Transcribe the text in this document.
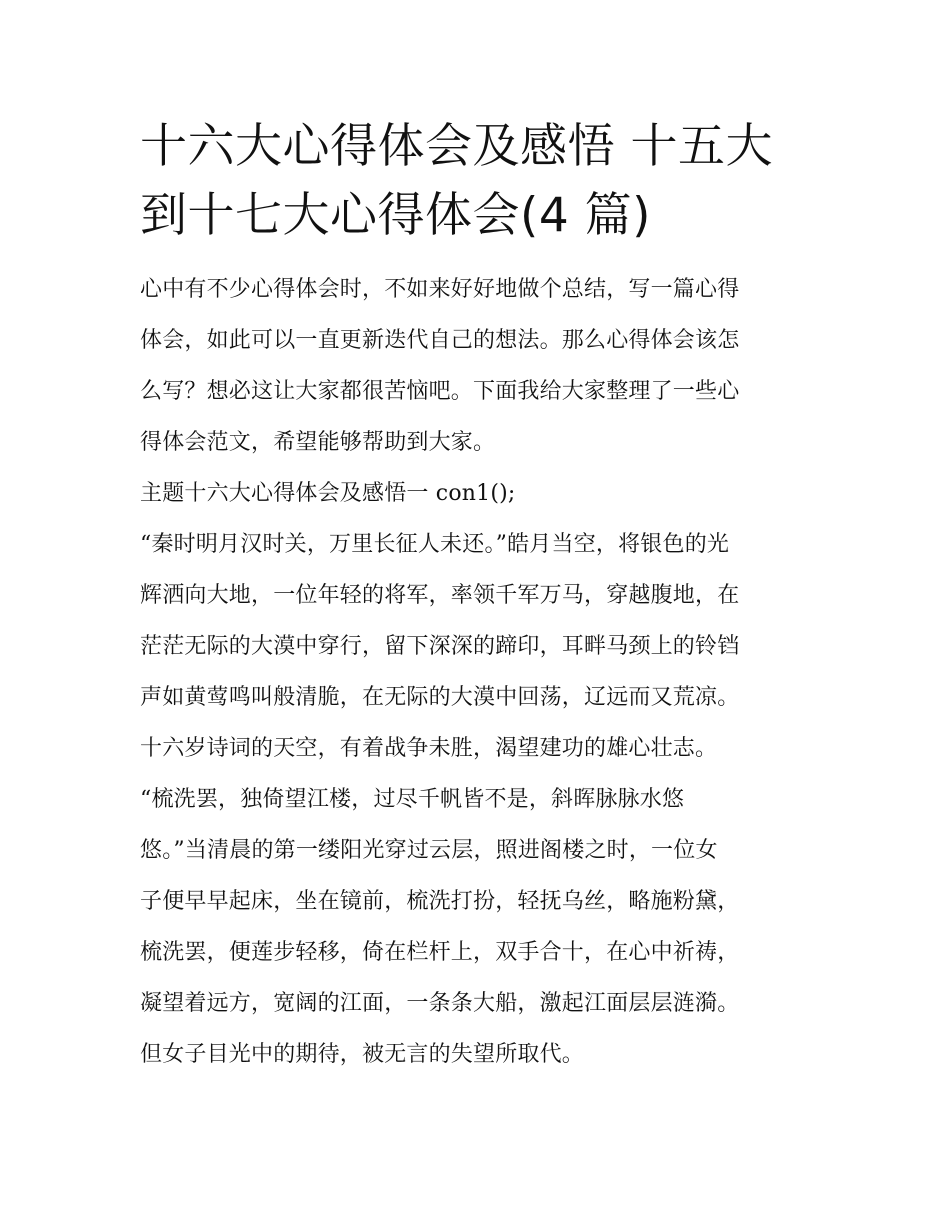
十六大心得体会及感悟 十五大
到十七大心得体会(4 篇)
心中有不少心得体会时，不如来好好地做个总结，写一篇心得
体会，如此可以一直更新迭代自己的想法。那么心得体会该怎
么写？想必这让大家都很苦恼吧。下面我给大家整理了一些心
得体会范文，希望能够帮助到大家。
主题十六大心得体会及感悟一 con1();
“秦时明月汉时关，万里长征人未还。”皓月当空，将银色的光
辉洒向大地，一位年轻的将军，率领千军万马，穿越腹地，在
茫茫无际的大漠中穿行，留下深深的蹄印，耳畔马颈上的铃铛
声如黄莺鸣叫般清脆，在无际的大漠中回荡，辽远而又荒凉。
十六岁诗词的天空，有着战争未胜，渴望建功的雄心壮志。
“梳洗罢，独倚望江楼，过尽千帆皆不是，斜晖脉脉水悠
悠。”当清晨的第一缕阳光穿过云层，照进阁楼之时，一位女
子便早早起床，坐在镜前，梳洗打扮，轻抚乌丝，略施粉黛，
梳洗罢，便莲步轻移，倚在栏杆上，双手合十，在心中祈祷，
凝望着远方，宽阔的江面，一条条大船，激起江面层层涟漪。
但女子目光中的期待，被无言的失望所取代。
